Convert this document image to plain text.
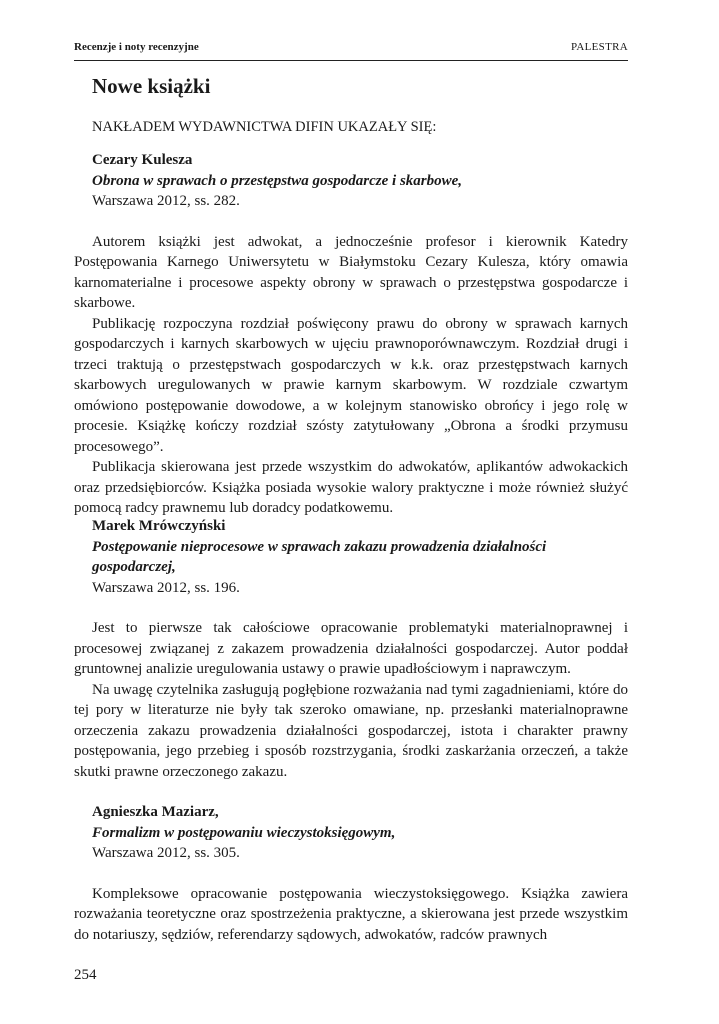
Recenzje i noty recenzyjne	PALESTRA
Nowe książki
NAKŁADEM WYDAWNICTWA DIFIN UKAZAŁY SIĘ:
Cezary Kulesza
Obrona w sprawach o przestępstwa gospodarcze i skarbowe,
Warszawa 2012, ss. 282.

Autorem książki jest adwokat, a jednocześnie profesor i kierownik Katedry Postępowania Karnego Uniwersytetu w Białymstoku Cezary Kulesza, który omawia karnomaterialne i procesowe aspekty obrony w sprawach o przestępstwa gospodarcze i skarbowe.

Publikację rozpoczyna rozdział poświęcony prawu do obrony w sprawach karnych gospodarczych i karnych skarbowych w ujęciu prawnoporównawczym. Rozdział drugi i trzeci traktują o przestępstwach gospodarczych w k.k. oraz przestępstwach karnych skarbowych uregulowanych w prawie karnym skarbowym. W rozdziale czwartym omówiono postępowanie dowodowe, a w kolejnym stanowisko obrońcy i jego rolę w procesie. Książkę kończy rozdział szósty zatytułowany „Obrona a środki przymusu procesowego”.

Publikacja skierowana jest przede wszystkim do adwokatów, aplikantów adwokackich oraz przedsiębiorców. Książka posiada wysokie walory praktyczne i może również służyć pomocą radcy prawnemu lub doradcy podatkowemu.

Marek Mrówczyński
Postępowanie nieprocesowe w sprawach zakazu prowadzenia działalności gospodarczej,
Warszawa 2012, ss. 196.

Jest to pierwsze tak całościowe opracowanie problematyki materialnoprawnej i procesowej związanej z zakazem prowadzenia działalności gospodarczej. Autor poddał gruntownej analizie uregulowania ustawy o prawie upadłościowym i naprawczym.

Na uwagę czytelnika zasługują pogłębione rozważania nad tymi zagadnieniami, które do tej pory w literaturze nie były tak szeroko omawiane, np. przesłanki materialnoprawne orzeczenia zakazu prowadzenia działalności gospodarczej, istota i charakter prawny postępowania, jego przebieg i sposób rozstrzygania, środki zaskarżania orzeczeń, a także skutki prawne orzeczonego zakazu.

Agnieszka Maziarz,
Formalizm w postępowaniu wieczystoksięgowym,
Warszawa 2012, ss. 305.

Kompleksowe opracowanie postępowania wieczystoksięgowego. Książka zawiera rozważania teoretyczne oraz spostrzeżenia praktyczne, a skierowana jest przede wszystkim do notariuszy, sędziów, referendarzy sądowych, adwokatów, radców prawnych

254
